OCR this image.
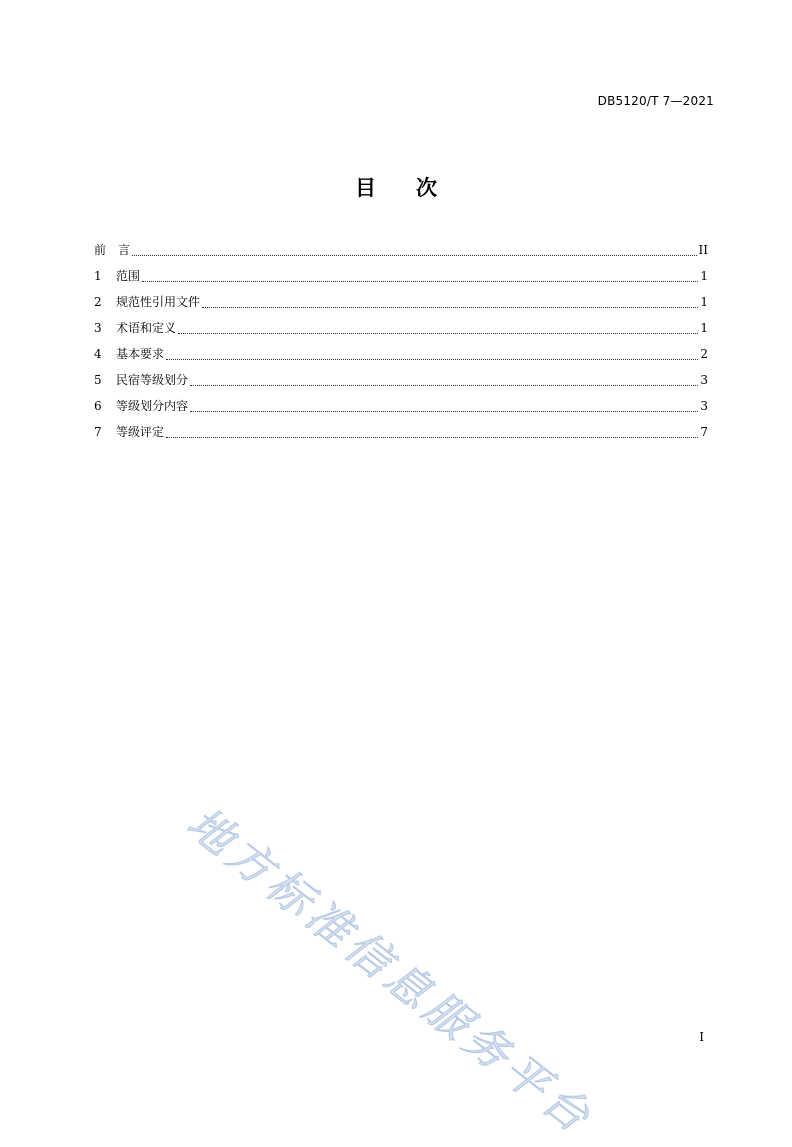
DB5120/T 7—2021
目 次
前　言	II
1	范围	1
2	规范性引用文件	1
3	术语和定义	1
4	基本要求	2
5	民宿等级划分	3
6	等级划分内容	3
7	等级评定	7
地方标准信息服务平台	I
